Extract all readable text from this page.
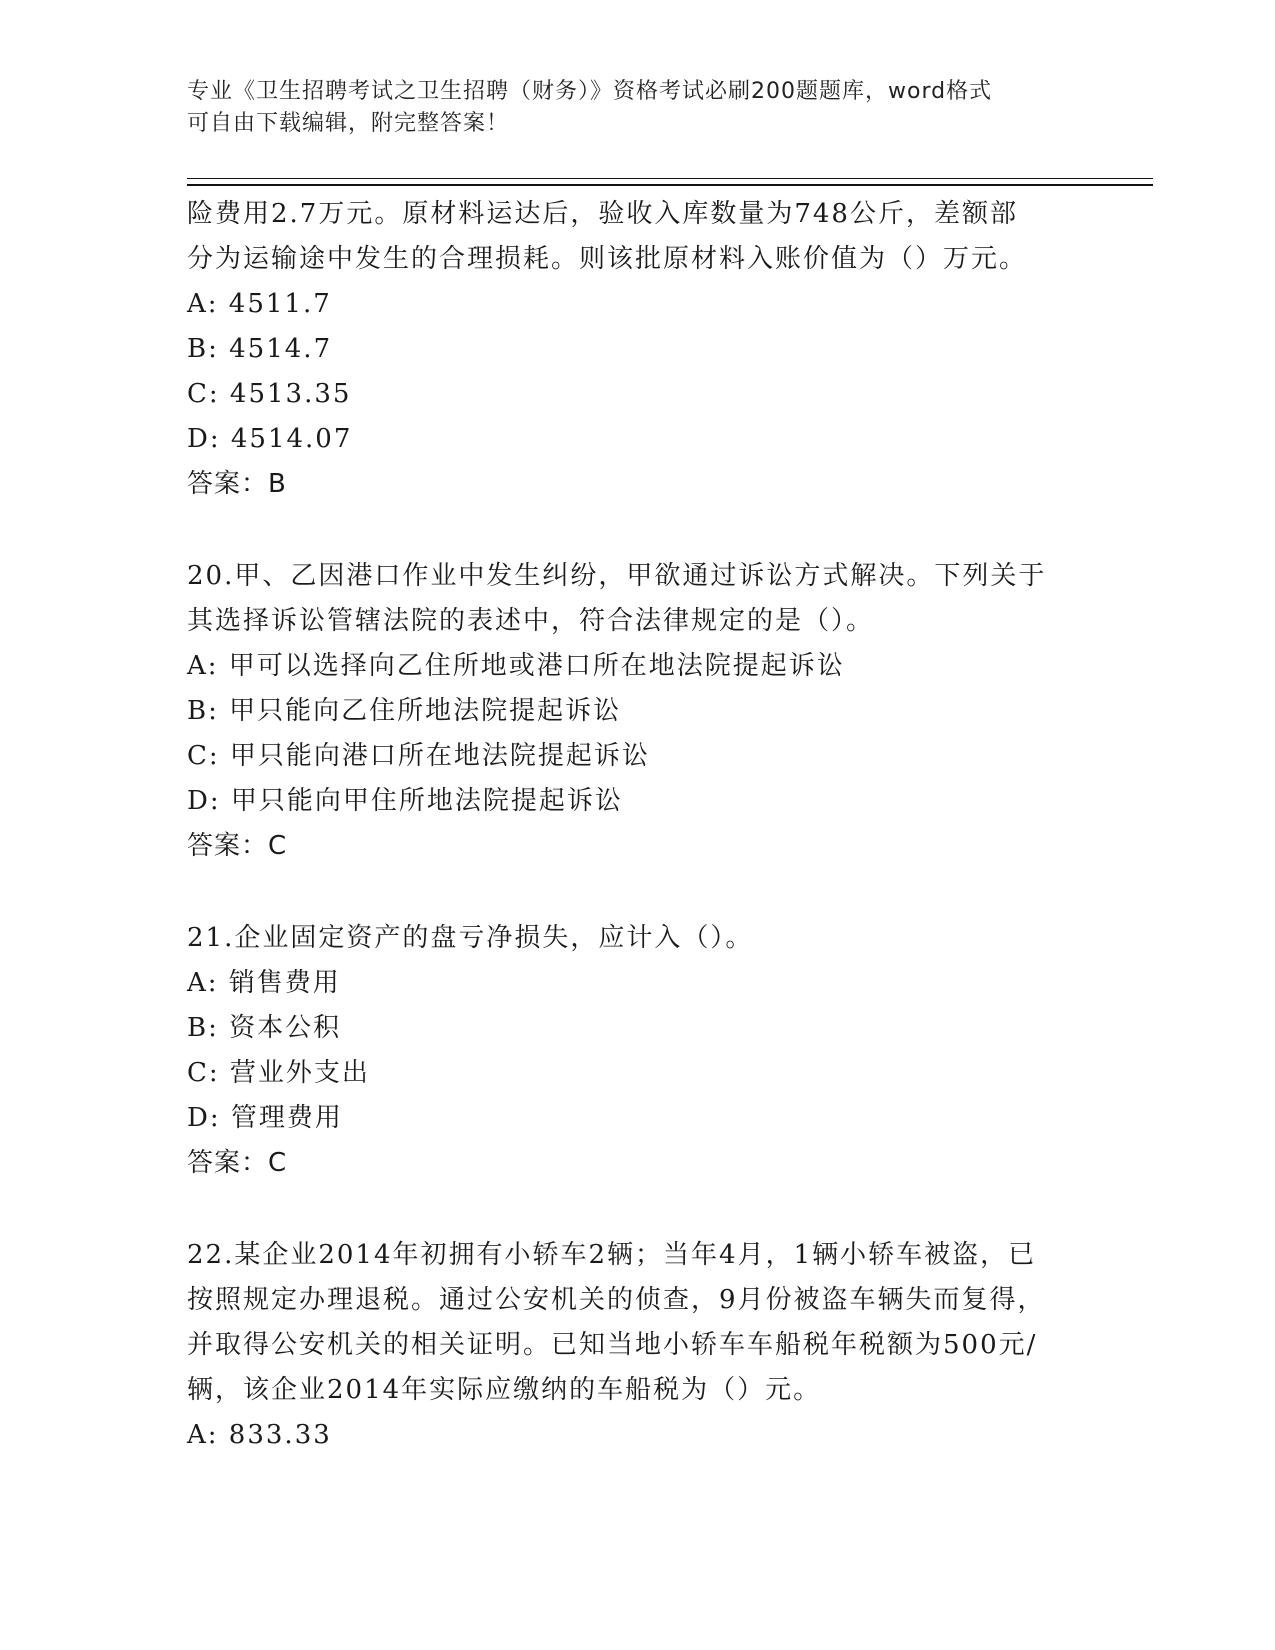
专业《卫生招聘考试之卫生招聘（财务）》资格考试必刷200题题库，word格式
可自由下载编辑，附完整答案！
险费用2.7万元。原材料运达后，验收入库数量为748公斤，差额部
分为运输途中发生的合理损耗。则该批原材料入账价值为（）万元。
A: 4511.7
B: 4514.7
C: 4513.35
D: 4514.07
答案：B
20.甲、乙因港口作业中发生纠纷，甲欲通过诉讼方式解决。下列关于
其选择诉讼管辖法院的表述中，符合法律规定的是（）。
A: 甲可以选择向乙住所地或港口所在地法院提起诉讼
B: 甲只能向乙住所地法院提起诉讼
C: 甲只能向港口所在地法院提起诉讼
D: 甲只能向甲住所地法院提起诉讼
答案：C
21.企业固定资产的盘亏净损失，应计入（）。
A: 销售费用
B: 资本公积
C: 营业外支出
D: 管理费用
答案：C
22.某企业2014年初拥有小轿车2辆；当年4月，1辆小轿车被盗，已
按照规定办理退税。通过公安机关的侦查，9月份被盗车辆失而复得，
并取得公安机关的相关证明。已知当地小轿车车船税年税额为500元/
辆，该企业2014年实际应缴纳的车船税为（）元。
A: 833.33
